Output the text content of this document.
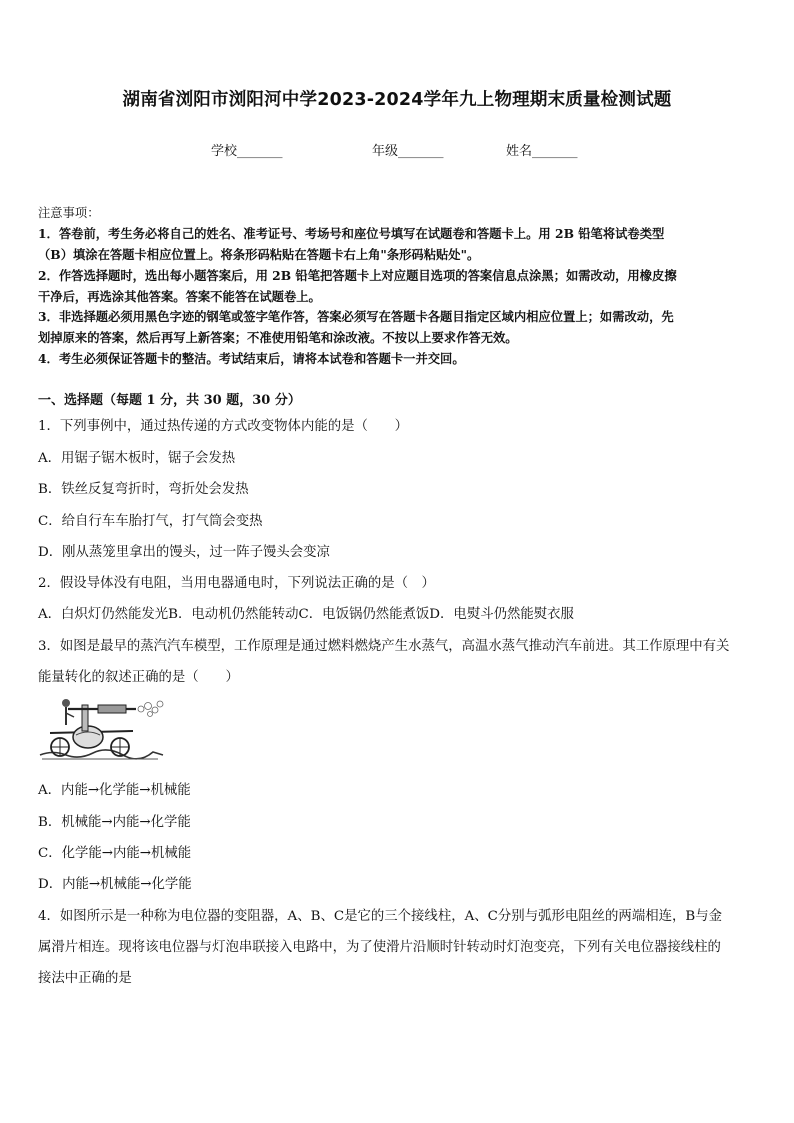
湖南省浏阳市浏阳河中学2023-2024学年九上物理期末质量检测试题
学校_______	年级_______	姓名_______
注意事项：
1．答卷前，考生务必将自己的姓名、准考证号、考场号和座位号填写在试题卷和答题卡上。用 2B 铅笔将试卷类型
（B）填涂在答题卡相应位置上。将条形码粘贴在答题卡右上角"条形码粘贴处"。
2．作答选择题时，选出每小题答案后，用 2B 铅笔把答题卡上对应题目选项的答案信息点涂黑；如需改动，用橡皮擦
干净后，再选涂其他答案。答案不能答在试题卷上。
3．非选择题必须用黑色字迹的钢笔或签字笔作答，答案必须写在答题卡各题目指定区域内相应位置上；如需改动，先
划掉原来的答案，然后再写上新答案；不准使用铅笔和涂改液。不按以上要求作答无效。
4．考生必须保证答题卡的整洁。考试结束后，请将本试卷和答题卡一并交回。
一、选择题（每题 1 分，共 30 题，30 分）
1．下列事例中，通过热传递的方式改变物体内能的是（　　）
A．用锯子锯木板时，锯子会发热
B．铁丝反复弯折时，弯折处会发热
C．给自行车车胎打气，打气筒会变热
D．刚从蒸笼里拿出的馒头，过一阵子馒头会变凉
2．假设导体没有电阻，当用电器通电时，下列说法正确的是（　）
A．白炽灯仍然能发光B．电动机仍然能转动C．电饭锅仍然能煮饭D．电熨斗仍然能熨衣服
3．如图是最早的蒸汽汽车模型，工作原理是通过燃料燃烧产生水蒸气，高温水蒸气推动汽车前进。其工作原理中有关
能量转化的叙述正确的是（　　）
A．内能→化学能→机械能
B．机械能→内能→化学能
C．化学能→内能→机械能
D．内能→机械能→化学能
4．如图所示是一种称为电位器的变阻器，A、B、C是它的三个接线柱，A、C分别与弧形电阻丝的两端相连，B与金
属滑片相连。现将该电位器与灯泡串联接入电路中，为了使滑片沿顺时针转动时灯泡变亮，下列有关电位器接线柱的
接法中正确的是
